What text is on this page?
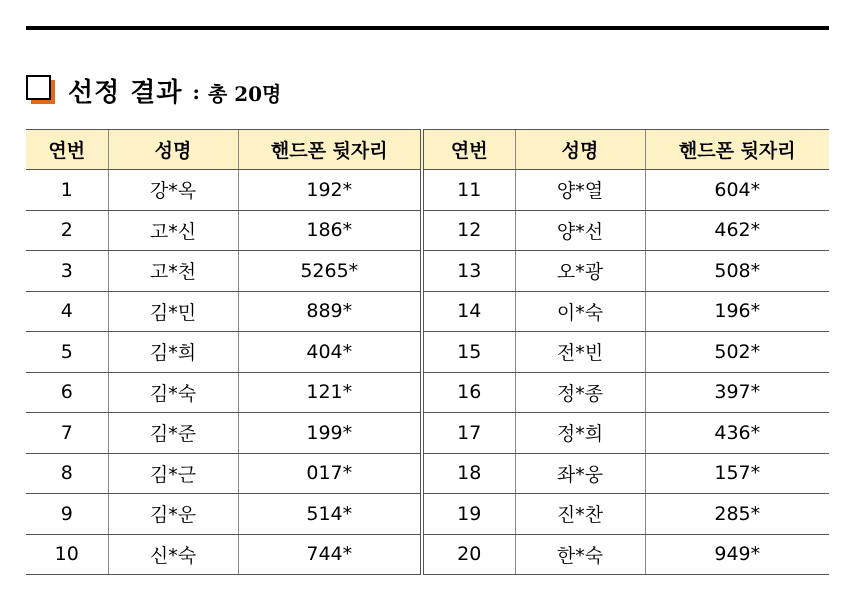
선정 결과 : 총 20명
연번	성명	핸드폰 뒷자리	연번	성명	핸드폰 뒷자리
1	강*옥	192*	11	양*열	604*
2	고*신	186*	12	양*선	462*
3	고*천	5265*	13	오*광	508*
4	김*민	889*	14	이*숙	196*
5	김*희	404*	15	전*빈	502*
6	김*숙	121*	16	정*종	397*
7	김*준	199*	17	정*희	436*
8	김*근	017*	18	좌*웅	157*
9	김*운	514*	19	진*찬	285*
10	신*숙	744*	20	한*숙	949*
